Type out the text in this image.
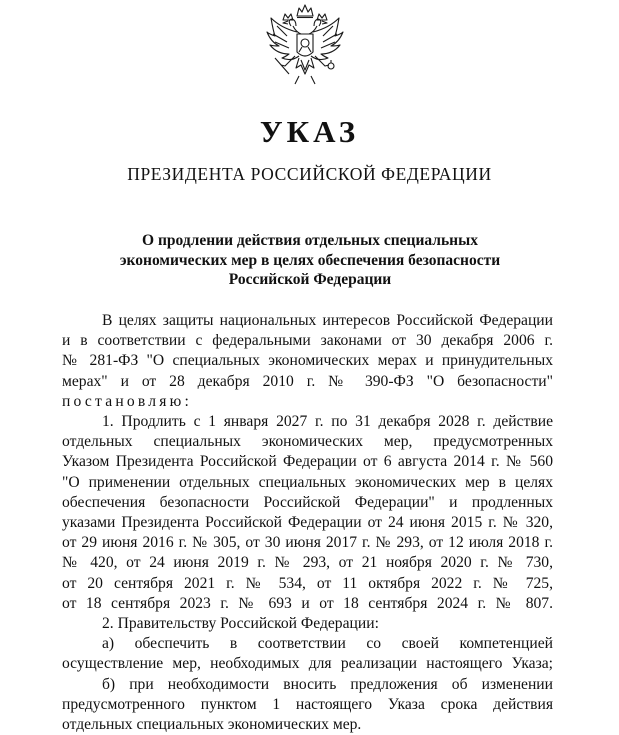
УКАЗ
ПРЕЗИДЕНТА РОССИЙСКОЙ ФЕДЕРАЦИИ
О продлении действия отдельных специальных
экономических мер в целях обеспечения безопасности
Российской Федерации
В целях защиты национальных интересов Российской Федерации
и в соответствии с федеральными законами от 30 декабря 2006 г.
№ 281-ФЗ "О специальных экономических мерах и принудительных
мерах" и от 28 декабря 2010 г. № 390-ФЗ "О безопасности"
постановляю:
1. Продлить с 1 января 2027 г. по 31 декабря 2028 г. действие
отдельных специальных экономических мер, предусмотренных
Указом Президента Российской Федерации от 6 августа 2014 г. № 560
"О применении отдельных специальных экономических мер в целях
обеспечения безопасности Российской Федерации" и продленных
указами Президента Российской Федерации от 24 июня 2015 г. № 320,
от 29 июня 2016 г. № 305, от 30 июня 2017 г. № 293, от 12 июля 2018 г.
№ 420, от 24 июня 2019 г. № 293, от 21 ноября 2020 г. № 730,
от 20 сентября 2021 г. № 534, от 11 октября 2022 г. № 725,
от 18 сентября 2023 г. № 693 и от 18 сентября 2024 г. № 807.
2. Правительству Российской Федерации:
а) обеспечить в соответствии со своей компетенцией
осуществление мер, необходимых для реализации настоящего Указа;
б) при необходимости вносить предложения об изменении
предусмотренного пунктом 1 настоящего Указа срока действия
отдельных специальных экономических мер.
